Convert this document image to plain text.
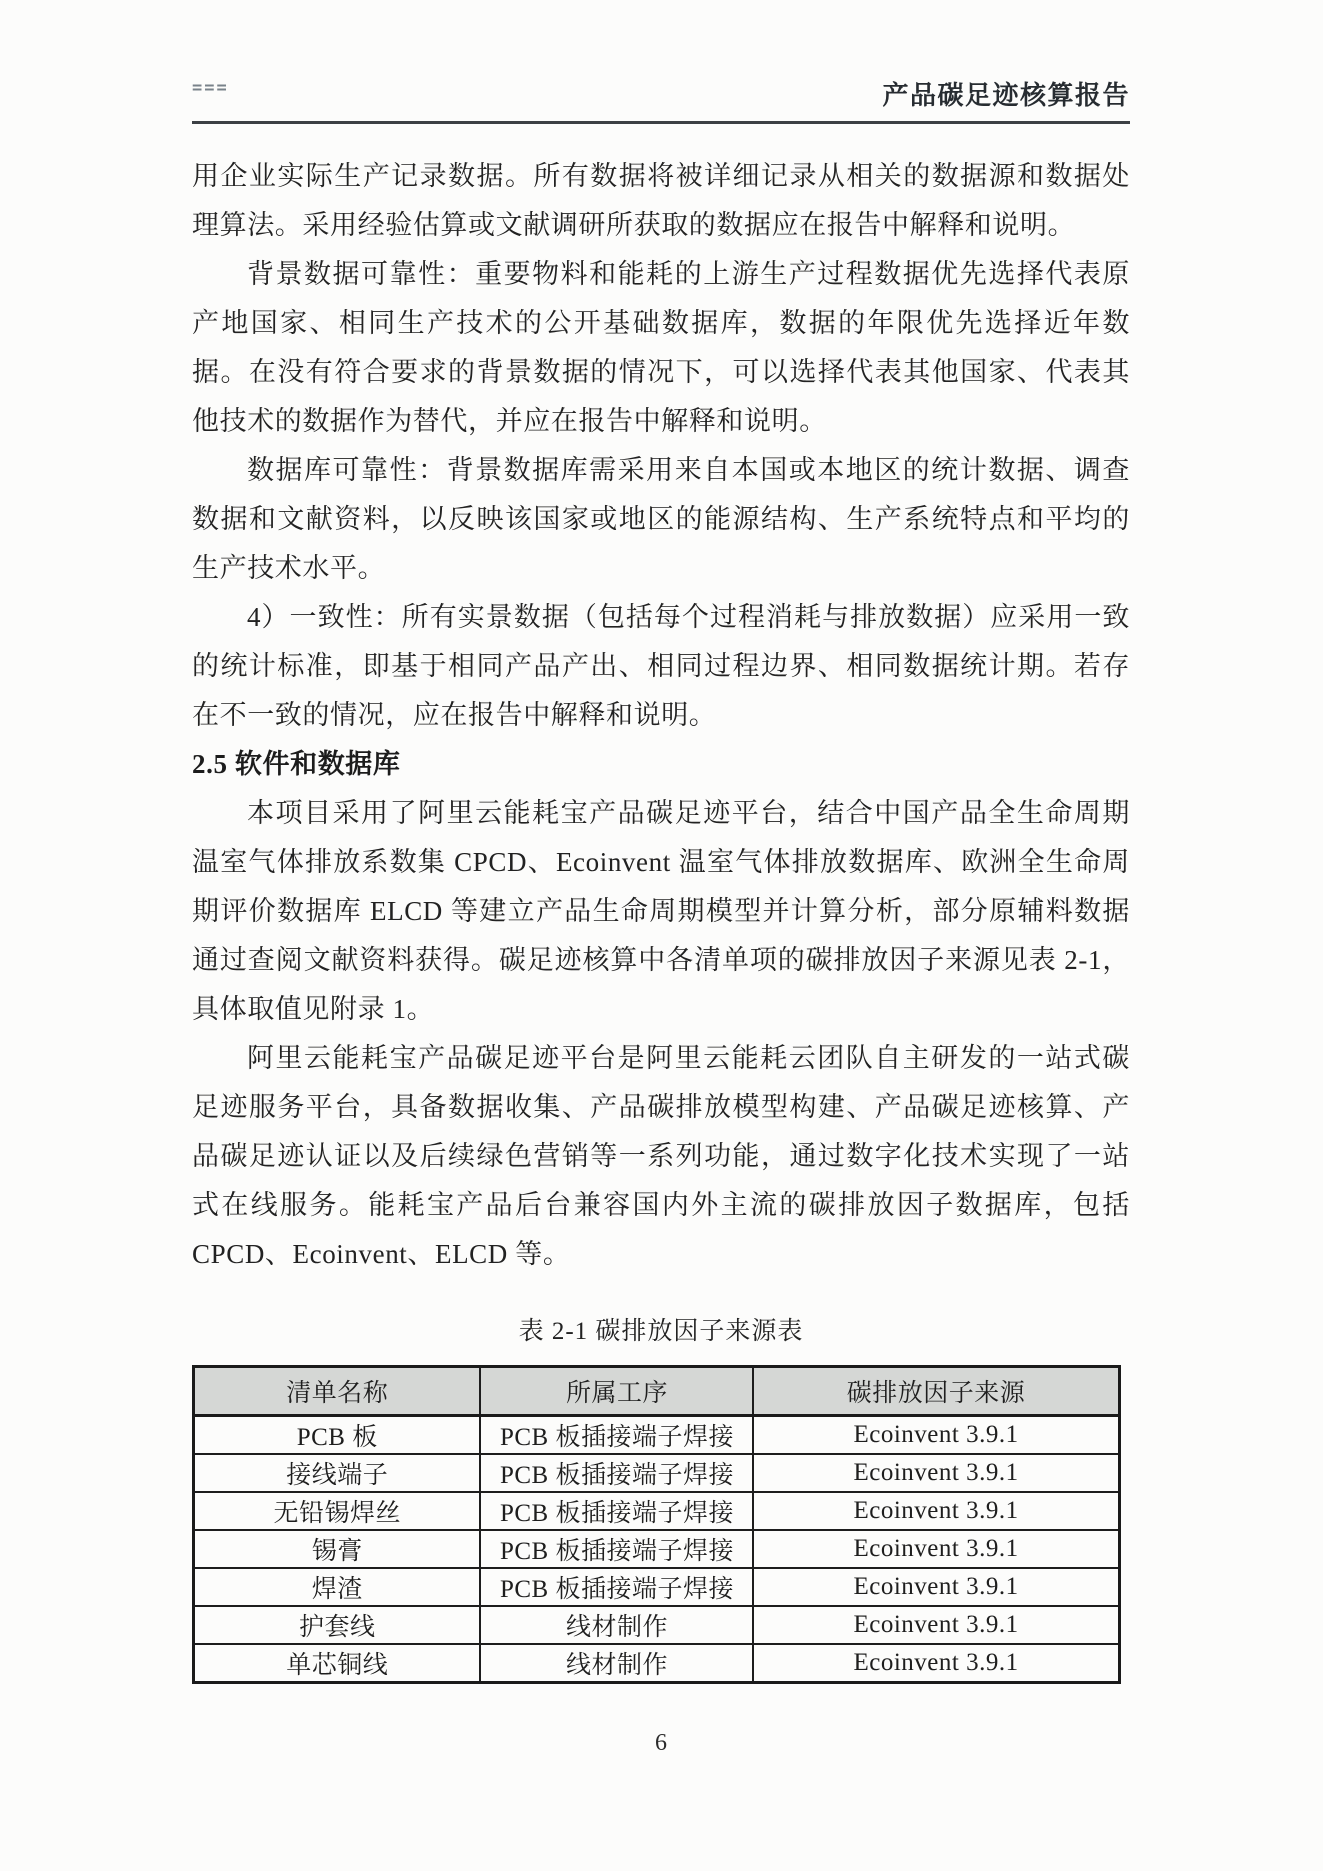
===	产品碳足迹核算报告

用企业实际生产记录数据。所有数据将被详细记录从相关的数据源和数据处理算法。采用经验估算或文献调研所获取的数据应在报告中解释和说明。

背景数据可靠性：重要物料和能耗的上游生产过程数据优先选择代表原产地国家、相同生产技术的公开基础数据库，数据的年限优先选择近年数据。在没有符合要求的背景数据的情况下，可以选择代表其他国家、代表其他技术的数据作为替代，并应在报告中解释和说明。

数据库可靠性：背景数据库需采用来自本国或本地区的统计数据、调查数据和文献资料，以反映该国家或地区的能源结构、生产系统特点和平均的生产技术水平。

4）一致性：所有实景数据（包括每个过程消耗与排放数据）应采用一致的统计标准，即基于相同产品产出、相同过程边界、相同数据统计期。若存在不一致的情况，应在报告中解释和说明。

2.5 软件和数据库

本项目采用了阿里云能耗宝产品碳足迹平台，结合中国产品全生命周期温室气体排放系数集 CPCD、Ecoinvent 温室气体排放数据库、欧洲全生命周期评价数据库 ELCD 等建立产品生命周期模型并计算分析，部分原辅料数据通过查阅文献资料获得。碳足迹核算中各清单项的碳排放因子来源见表 2-1，具体取值见附录 1。

阿里云能耗宝产品碳足迹平台是阿里云能耗云团队自主研发的一站式碳足迹服务平台，具备数据收集、产品碳排放模型构建、产品碳足迹核算、产品碳足迹认证以及后续绿色营销等一系列功能，通过数字化技术实现了一站式在线服务。能耗宝产品后台兼容国内外主流的碳排放因子数据库，包括 CPCD、Ecoinvent、ELCD 等。

表 2-1 碳排放因子来源表
清单名称	所属工序	碳排放因子来源
PCB 板	PCB 板插接端子焊接	Ecoinvent 3.9.1
接线端子	PCB 板插接端子焊接	Ecoinvent 3.9.1
无铅锡焊丝	PCB 板插接端子焊接	Ecoinvent 3.9.1
锡膏	PCB 板插接端子焊接	Ecoinvent 3.9.1
焊渣	PCB 板插接端子焊接	Ecoinvent 3.9.1
护套线	线材制作	Ecoinvent 3.9.1
单芯铜线	线材制作	Ecoinvent 3.9.1
6
